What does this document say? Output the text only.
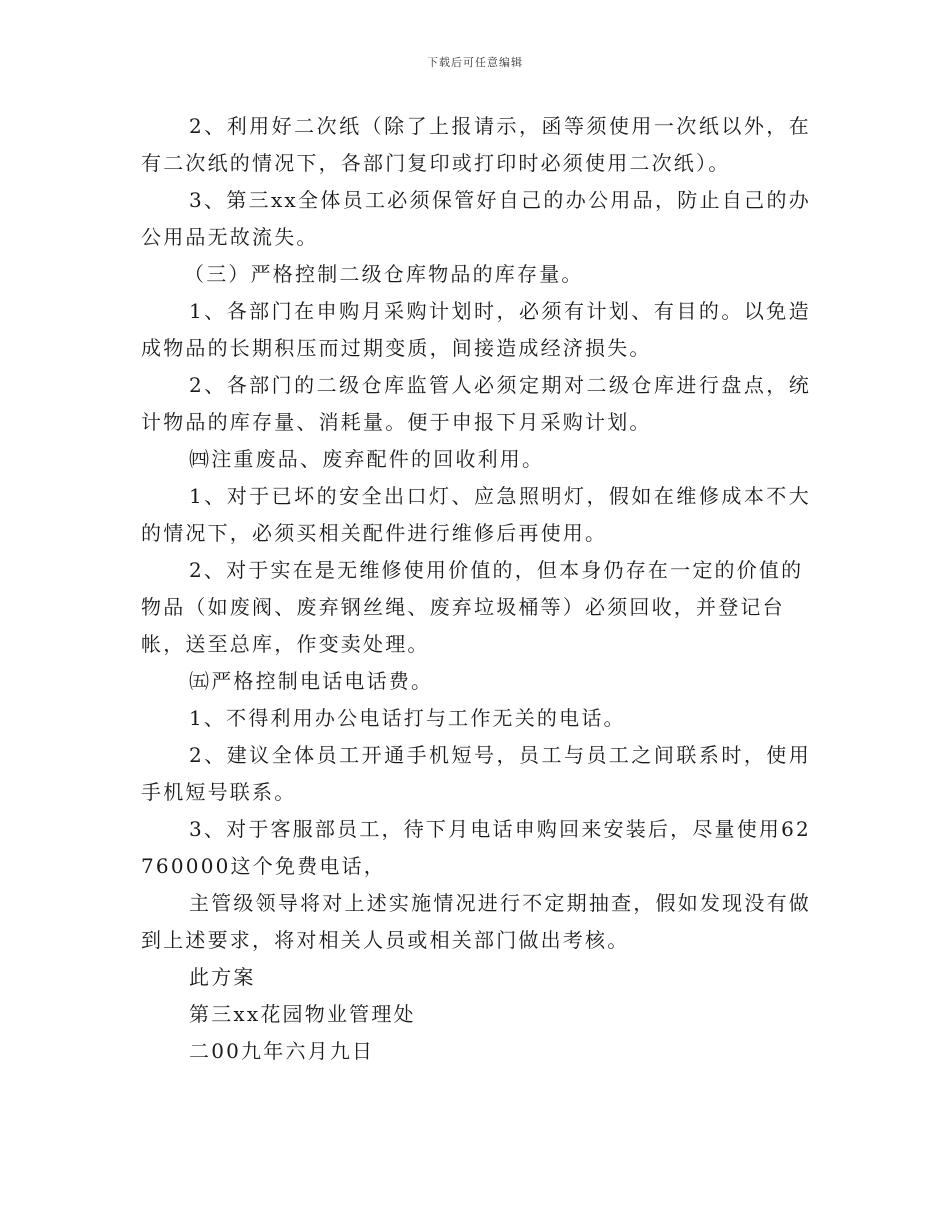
下载后可任意编辑

2、利用好二次纸（除了上报请示，函等须使用一次纸以外，在有二次纸的情况下，各部门复印或打印时必须使用二次纸）。

3、第三xx全体员工必须保管好自己的办公用品，防止自己的办公用品无故流失。

（三）严格控制二级仓库物品的库存量。

1、各部门在申购月采购计划时，必须有计划、有目的。以免造成物品的长期积压而过期变质，间接造成经济损失。

2、各部门的二级仓库监管人必须定期对二级仓库进行盘点，统计物品的库存量、消耗量。便于申报下月采购计划。

㈣注重废品、废弃配件的回收利用。

1、对于已坏的安全出口灯、应急照明灯，假如在维修成本不大的情况下，必须买相关配件进行维修后再使用。

2、对于实在是无维修使用价值的，但本身仍存在一定的价值的物品（如废阀、废弃钢丝绳、废弃垃圾桶等）必须回收，并登记台帐，送至总库，作变卖处理。

㈤严格控制电话电话费。

1、不得利用办公电话打与工作无关的电话。

2、建议全体员工开通手机短号，员工与员工之间联系时，使用手机短号联系。

3、对于客服部员工，待下月电话申购回来安装后，尽量使用62760000这个免费电话，

主管级领导将对上述实施情况进行不定期抽查，假如发现没有做到上述要求，将对相关人员或相关部门做出考核。

此方案

第三xx花园物业管理处

二00九年六月九日
